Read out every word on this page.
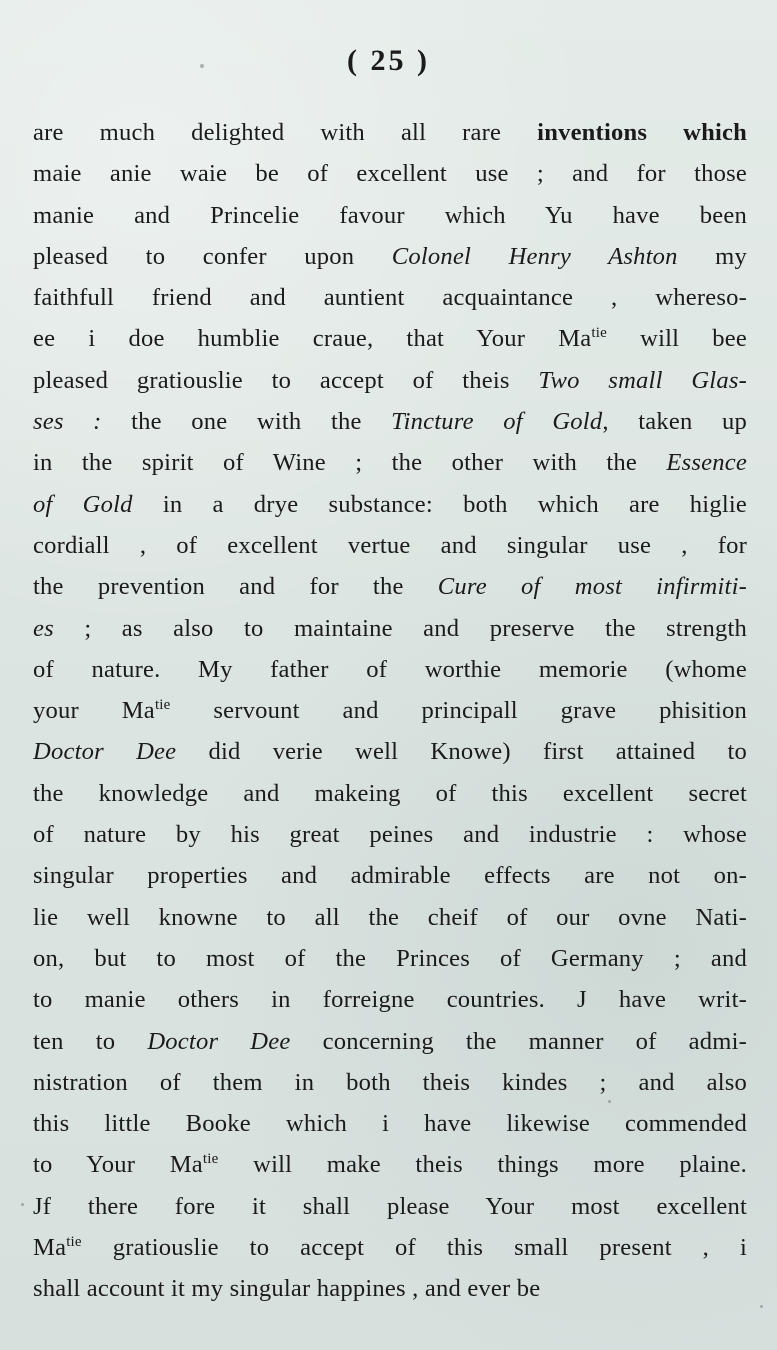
( 25 )
are much delighted with all rare inventions which
maie anie waie be of excellent use ; and for those
manie and Princelie favour which Yu have been
pleased to confer upon Colonel Henry Ashton my
faithfull friend and auntient acquaintance , whereso-
ee i doe humblie craue, that Your $Ma^{tie}$ will bee
pleased gratiouslie to accept of theis Two small Glas-
ses : the one with the Tincture of Gold, taken up
in the spirit of Wine ; the other with the Essence
of Gold in a drye substance: both which are higlie
cordiall , of excellent vertue and singular use , for
the prevention and for the Cure of most infirmiti-
es ; as also to maintaine and preserve the strength
of nature. My father of worthie memorie (whome
your $Ma^{tie}$ servount and principall grave phisition
Doctor Dee did verie well Knowe) first attained to
the knowledge and makeing of this excellent secret
of nature by his great peines and industrie : whose
singular properties and admirable effects are not on-
lie well knowne to all the cheif of our ovne Nati-
on, but to most of the Princes of Germany ; and
to manie others in forreigne countries. J have writ-
ten to Doctor Dee concerning the manner of admi-
nistration of them in both theis kindes ; and also
this little Booke which i have likewise commended
to Your $Ma^{tie}$ will make theis things more plaine.
Jf there fore it shall please Your most excellent
$Ma^{tie}$ gratiouslie to accept of this small present , i
shall account it my singular happines , and ever be
